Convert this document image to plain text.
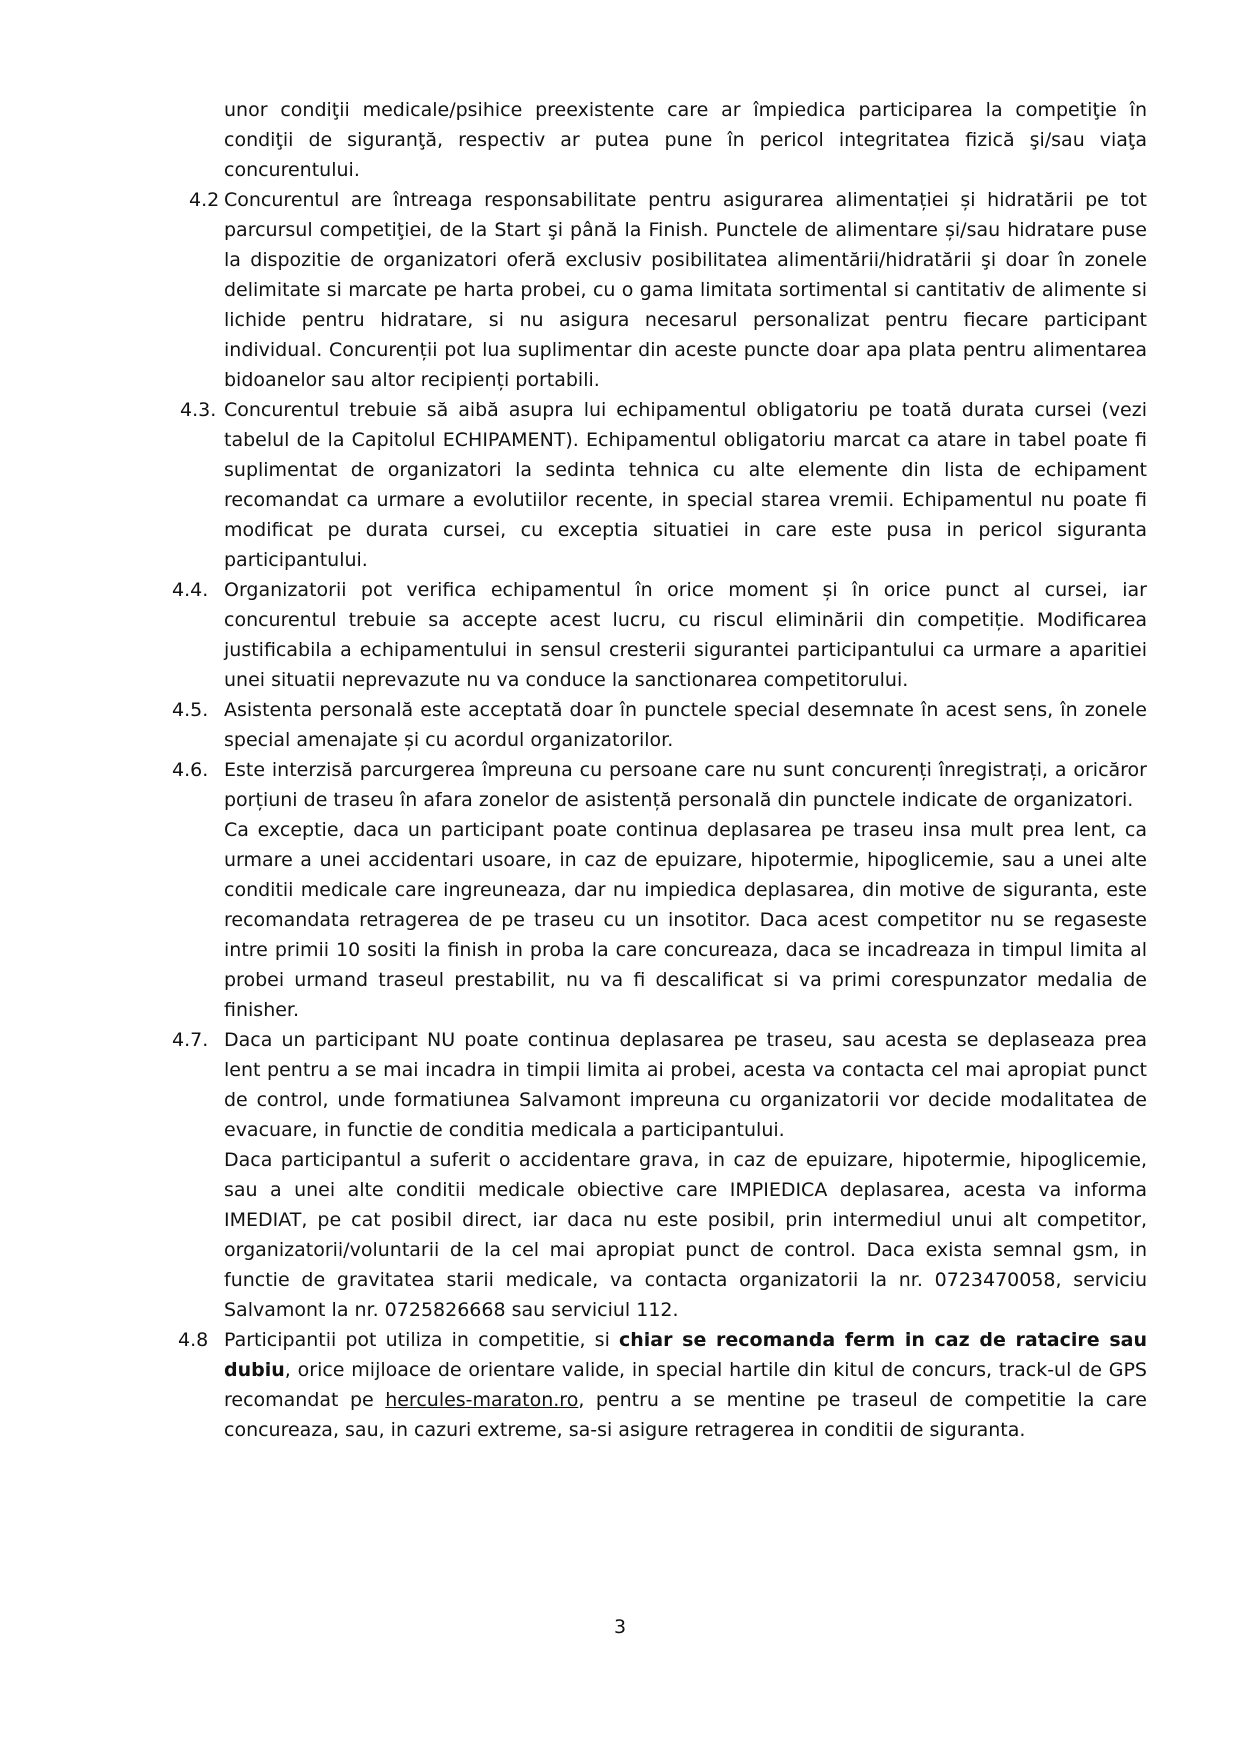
unor condiţii medicale/psihice preexistente care ar împiedica participarea la competiţie în condiţii de siguranţă, respectiv ar putea pune în pericol integritatea fizică şi/sau viaţa concurentului.

4.2 Concurentul are întreaga responsabilitate pentru asigurarea alimentației și hidratării pe tot parcursul competiţiei, de la Start şi până la Finish. Punctele de alimentare și/sau hidratare puse la dispozitie de organizatori oferă exclusiv posibilitatea alimentării/hidratării şi doar în zonele delimitate si marcate pe harta probei, cu o gama limitata sortimental si cantitativ de alimente si lichide pentru hidratare, si nu asigura necesarul personalizat pentru fiecare participant individual. Concurenții pot lua suplimentar din aceste puncte doar apa plata pentru alimentarea bidoanelor sau altor recipienți portabili.
4.3. Concurentul trebuie să aibă asupra lui echipamentul obligatoriu pe toată durata cursei (vezi tabelul de la Capitolul ECHIPAMENT). Echipamentul obligatoriu marcat ca atare in tabel poate fi suplimentat de organizatori la sedinta tehnica cu alte elemente din lista de echipament recomandat ca urmare a evolutiilor recente, in special starea vremii. Echipamentul nu poate fi modificat pe durata cursei, cu exceptia situatiei in care este pusa in pericol siguranta participantului.
4.4. Organizatorii pot verifica echipamentul în orice moment și în orice punct al cursei, iar concurentul trebuie sa accepte acest lucru, cu riscul eliminării din competiție. Modificarea justificabila a echipamentului in sensul cresterii sigurantei participantului ca urmare a aparitiei unei situatii neprevazute nu va conduce la sanctionarea competitorului.
4.5. Asistenta personală este acceptată doar în punctele special desemnate în acest sens, în zonele special amenajate și cu acordul organizatorilor.
4.6. Este interzisă parcurgerea împreuna cu persoane care nu sunt concurenți înregistrați, a oricăror porțiuni de traseu în afara zonelor de asistență personală din punctele indicate de organizatori.
Ca exceptie, daca un participant poate continua deplasarea pe traseu insa mult prea lent, ca urmare a unei accidentari usoare, in caz de epuizare, hipotermie, hipoglicemie, sau a unei alte conditii medicale care ingreuneaza, dar nu impiedica deplasarea, din motive de siguranta, este recomandata retragerea de pe traseu cu un insotitor. Daca acest competitor nu se regaseste intre primii 10 sositi la finish in proba la care concureaza, daca se incadreaza in timpul limita al probei urmand traseul prestabilit, nu va fi descalificat si va primi corespunzator medalia de finisher.
4.7. Daca un participant NU poate continua deplasarea pe traseu, sau acesta se deplaseaza prea lent pentru a se mai incadra in timpii limita ai probei, acesta va contacta cel mai apropiat punct de control, unde formatiunea Salvamont impreuna cu organizatorii vor decide modalitatea de evacuare, in functie de conditia medicala a participantului.
Daca participantul a suferit o accidentare grava, in caz de epuizare, hipotermie, hipoglicemie, sau a unei alte conditii medicale obiective care IMPIEDICA deplasarea, acesta va informa IMEDIAT, pe cat posibil direct, iar daca nu este posibil, prin intermediul unui alt competitor, organizatorii/voluntarii de la cel mai apropiat punct de control. Daca exista semnal gsm, in functie de gravitatea starii medicale, va contacta organizatorii la nr. 0723470058, serviciu Salvamont la nr. 0725826668 sau serviciul 112.
4.8 Participantii pot utiliza in competitie, si chiar se recomanda ferm in caz de ratacire sau dubiu, orice mijloace de orientare valide, in special hartile din kitul de concurs, track-ul de GPS recomandat pe hercules-maraton.ro, pentru a se mentine pe traseul de competitie la care concureaza, sau, in cazuri extreme, sa-si asigure retragerea in conditii de siguranta.
3
